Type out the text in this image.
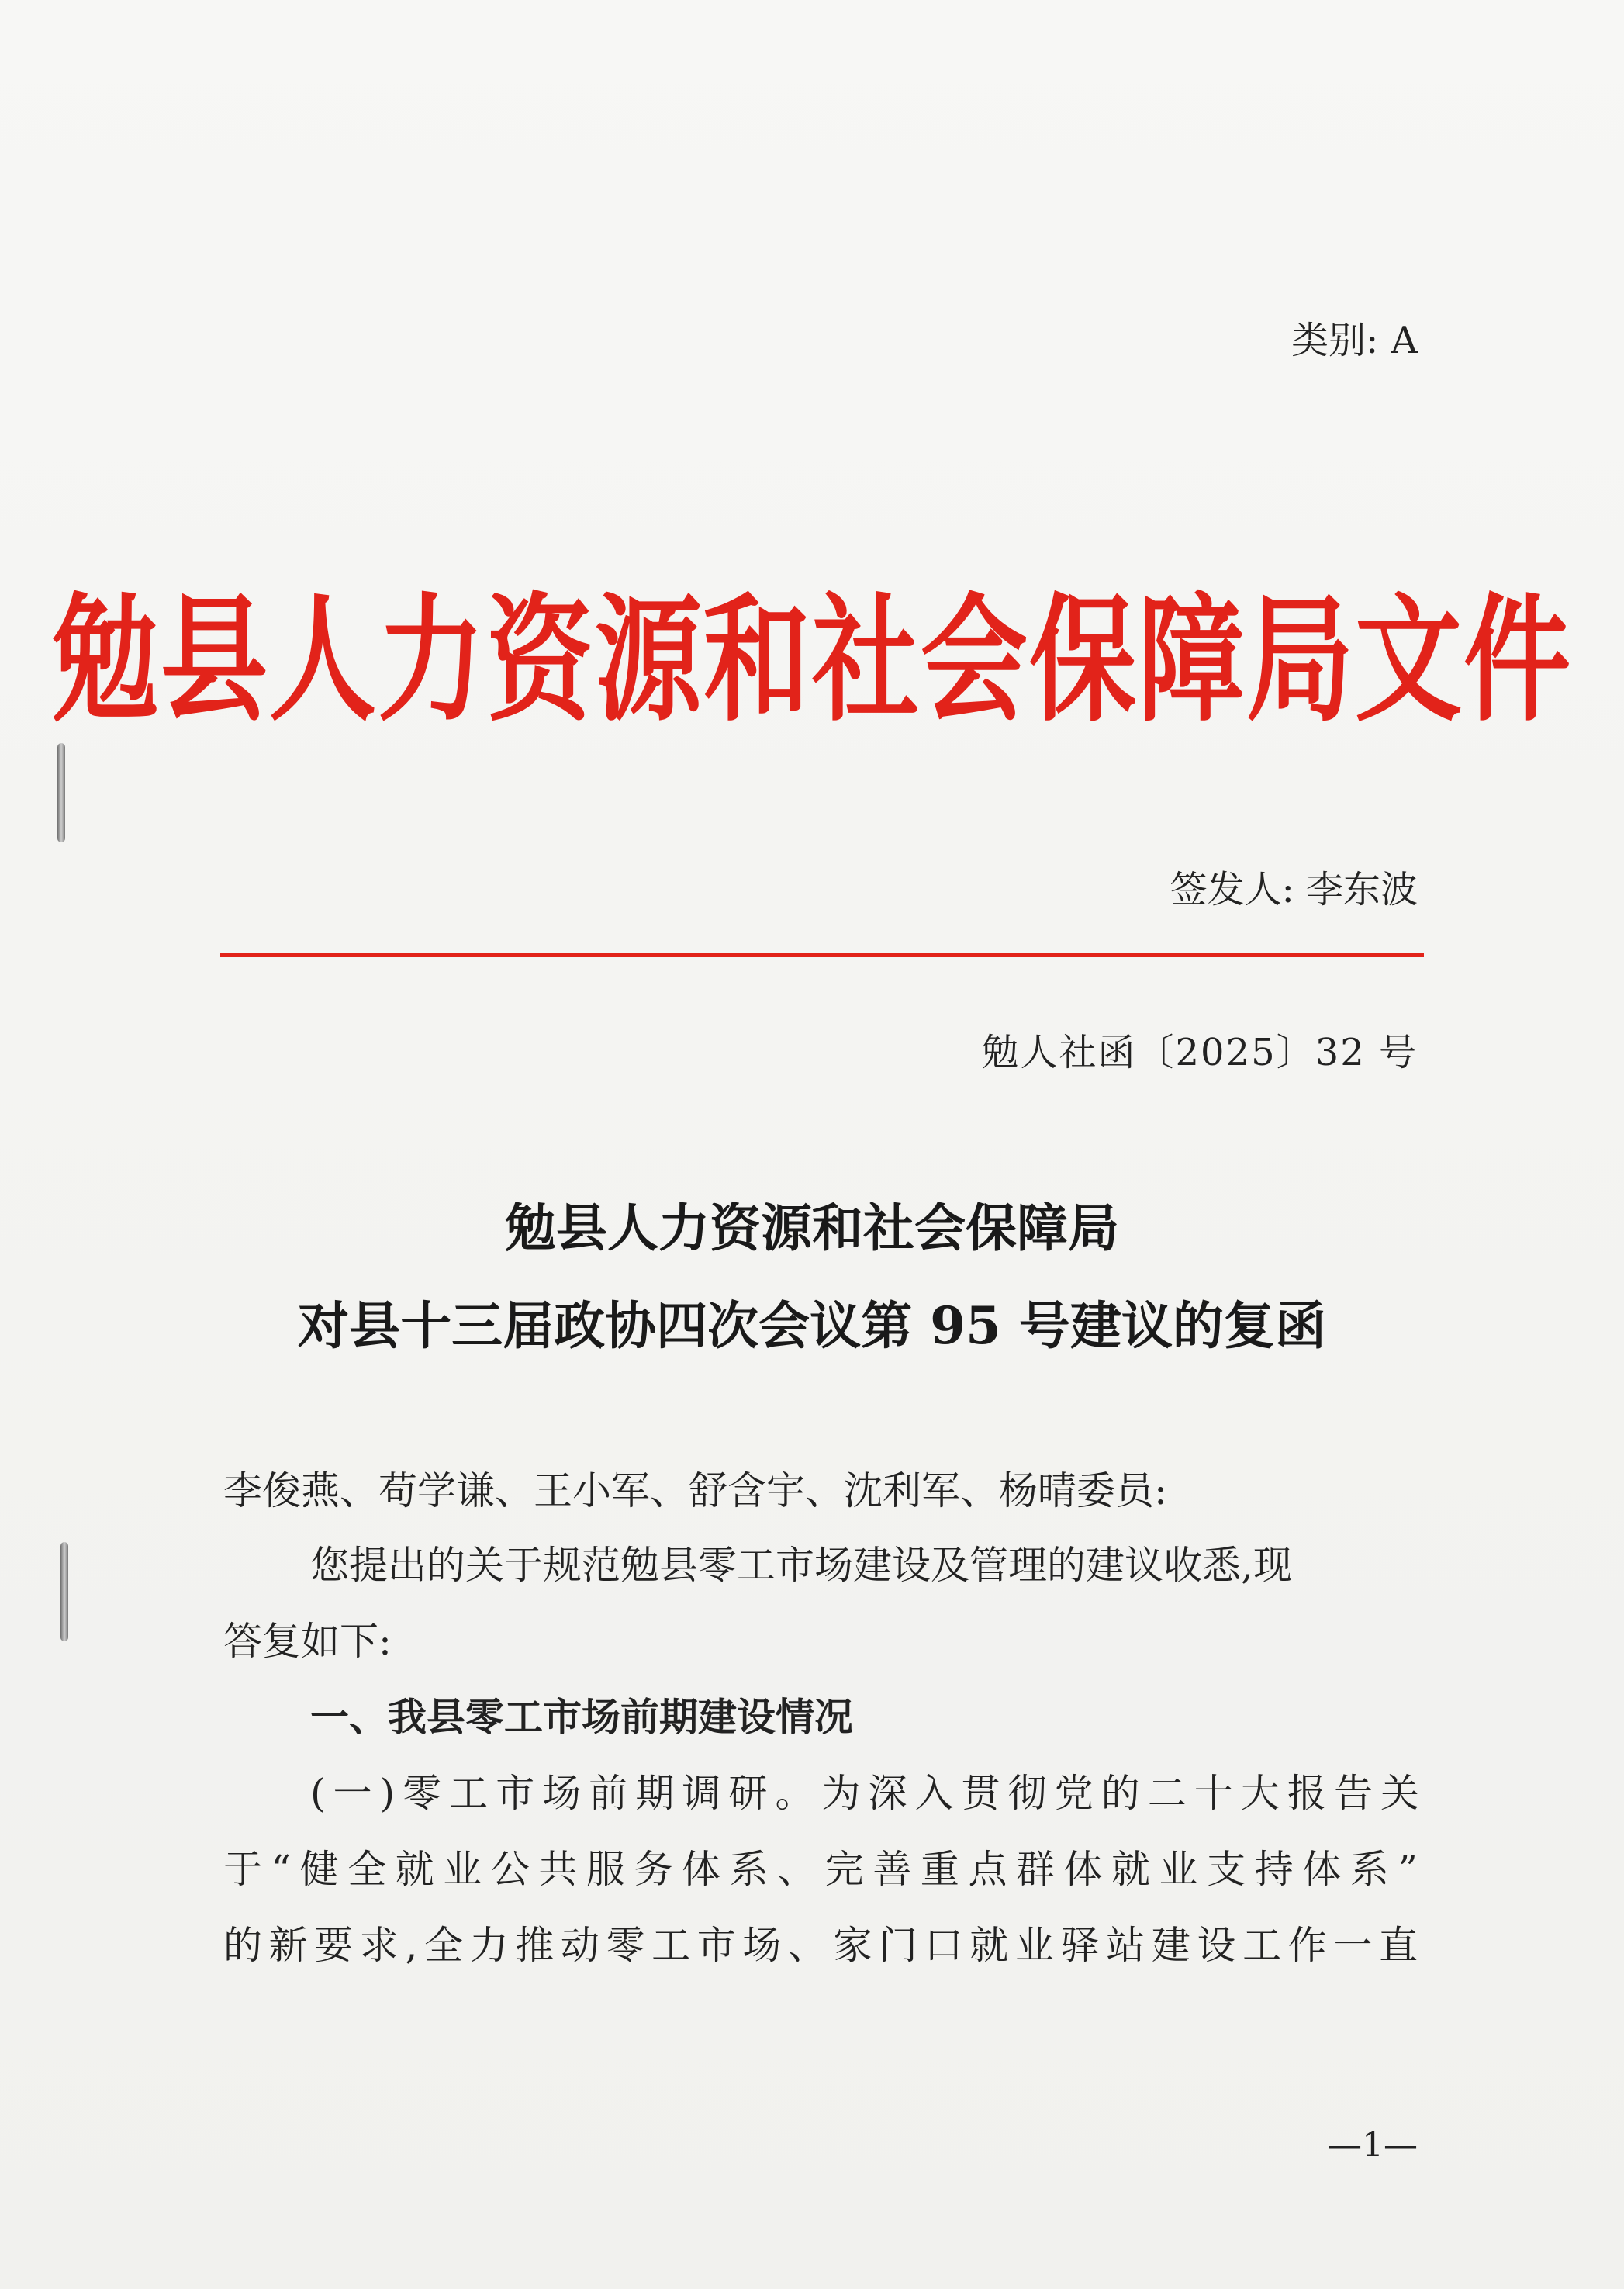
类别: A
勉县人力资源和社会保障局文件
签发人: 李东波
勉人社函〔2025〕32 号
勉县人力资源和社会保障局
对县十三届政协四次会议第 95 号建议的复函
李俊燕、苟学谦、王小军、舒含宇、沈利军、杨晴委员:
您提出的关于规范勉县零工市场建设及管理的建议收悉,现
答复如下:
一、我县零工市场前期建设情况
(一)零工市场前期调研。为深入贯彻党的二十大报告关
于“健全就业公共服务体系、完善重点群体就业支持体系”
的新要求,全力推动零工市场、家门口就业驿站建设工作一直
—1—
